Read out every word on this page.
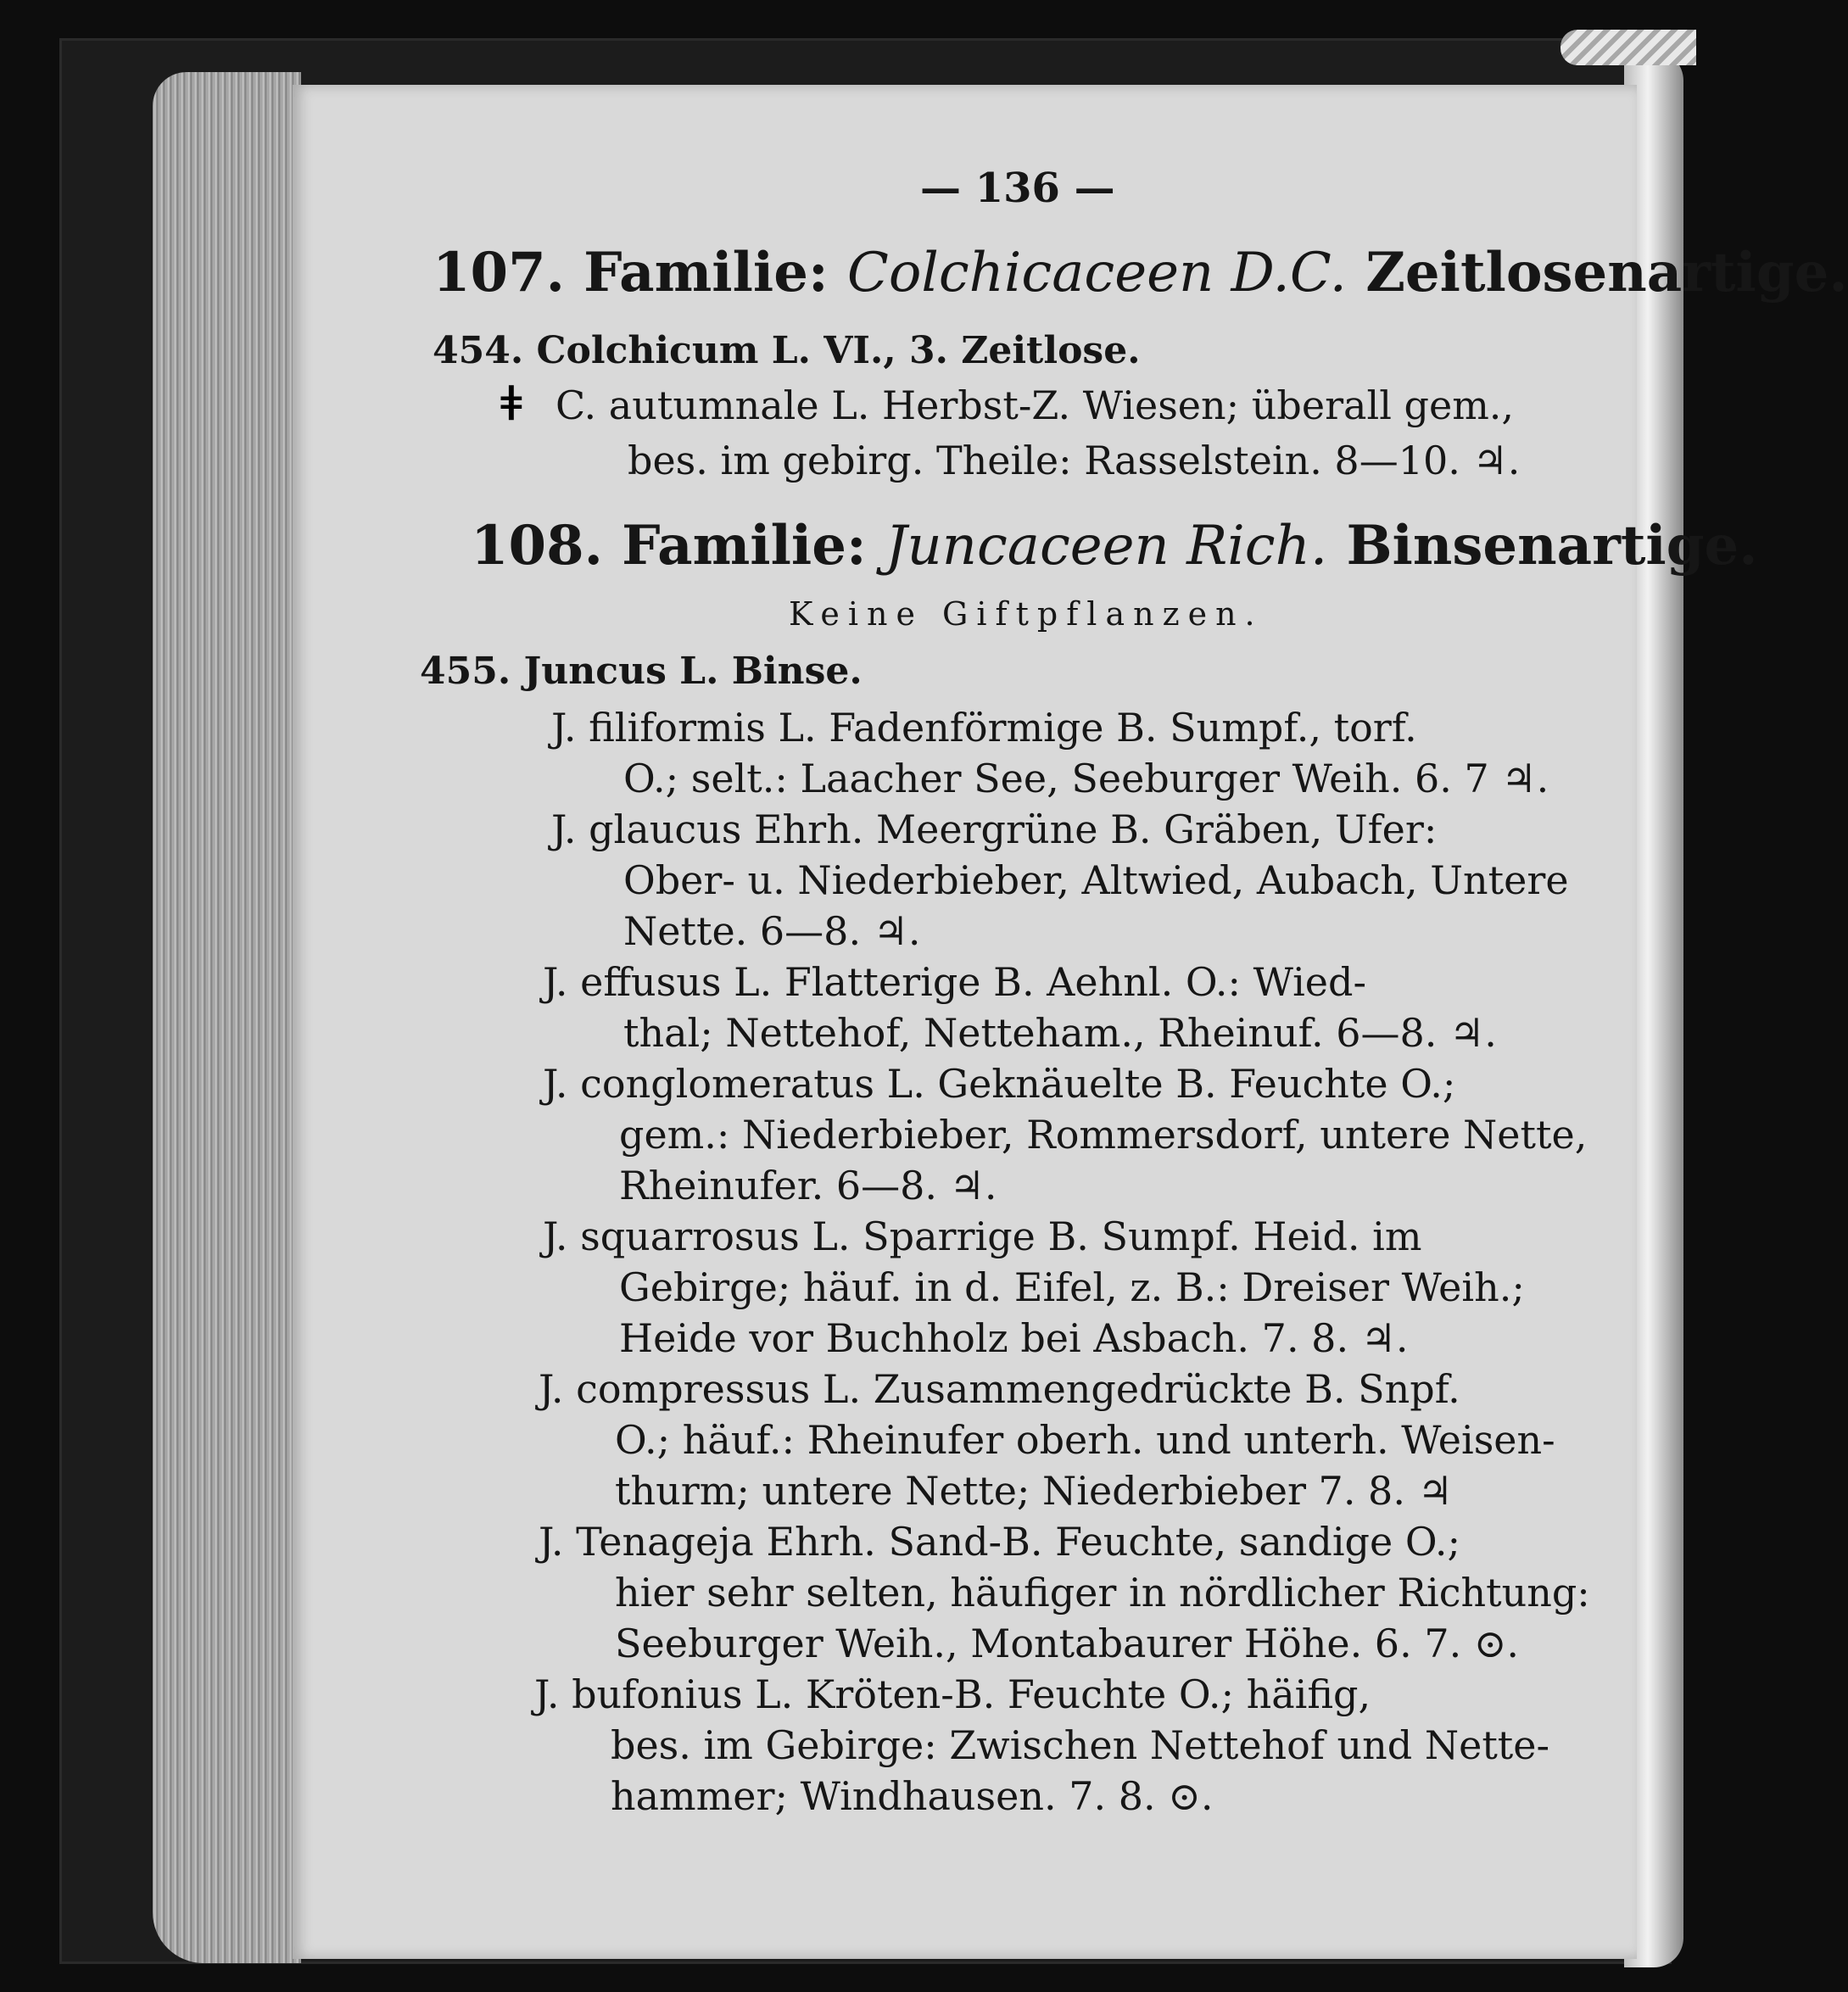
ǂ
— 136 —
107. Familie: Colchicaceen D.C. Zeitlosenartige.
454. Colchicum L. VI., 3. Zeitlose.
C. autumnale L. Herbst-Z. Wiesen; überall gem.,
bes. im gebirg. Theile: Rasselstein. 8—10. ♃.
108. Familie: Juncaceen Rich. Binsenartige.
Keine Giftpflanzen.
455. Juncus L. Binse.
J. filiformis L. Fadenförmige B. Sumpf., torf.
O.; selt.: Laacher See, Seeburger Weih. 6. 7 ♃.
J. glaucus Ehrh. Meergrüne B. Gräben, Ufer:
Ober- u. Niederbieber, Altwied, Aubach, Untere
Nette. 6—8. ♃.
J. effusus L. Flatterige B. Aehnl. O.: Wied-
thal; Nettehof, Netteham., Rheinuf. 6—8. ♃.
J. conglomeratus L. Geknäuelte B. Feuchte O.;
gem.: Niederbieber, Rommersdorf, untere Nette,
Rheinufer. 6—8. ♃.
J. squarrosus L. Sparrige B. Sumpf. Heid. im
Gebirge; häuf. in d. Eifel, z. B.: Dreiser Weih.;
Heide vor Buchholz bei Asbach. 7. 8. ♃.
J. compressus L. Zusammengedrückte B. Snpf.
O.; häuf.: Rheinufer oberh. und unterh. Weisen-
thurm; untere Nette; Niederbieber 7. 8. ♃
J. Tenageja Ehrh. Sand-B. Feuchte, sandige O.;
hier sehr selten, häufiger in nördlicher Richtung:
Seeburger Weih., Montabaurer Höhe. 6. 7. ⊙.
J. bufonius L. Kröten-B. Feuchte O.; häifig,
bes. im Gebirge: Zwischen Nettehof und Nette-
hammer; Windhausen. 7. 8. ⊙.
